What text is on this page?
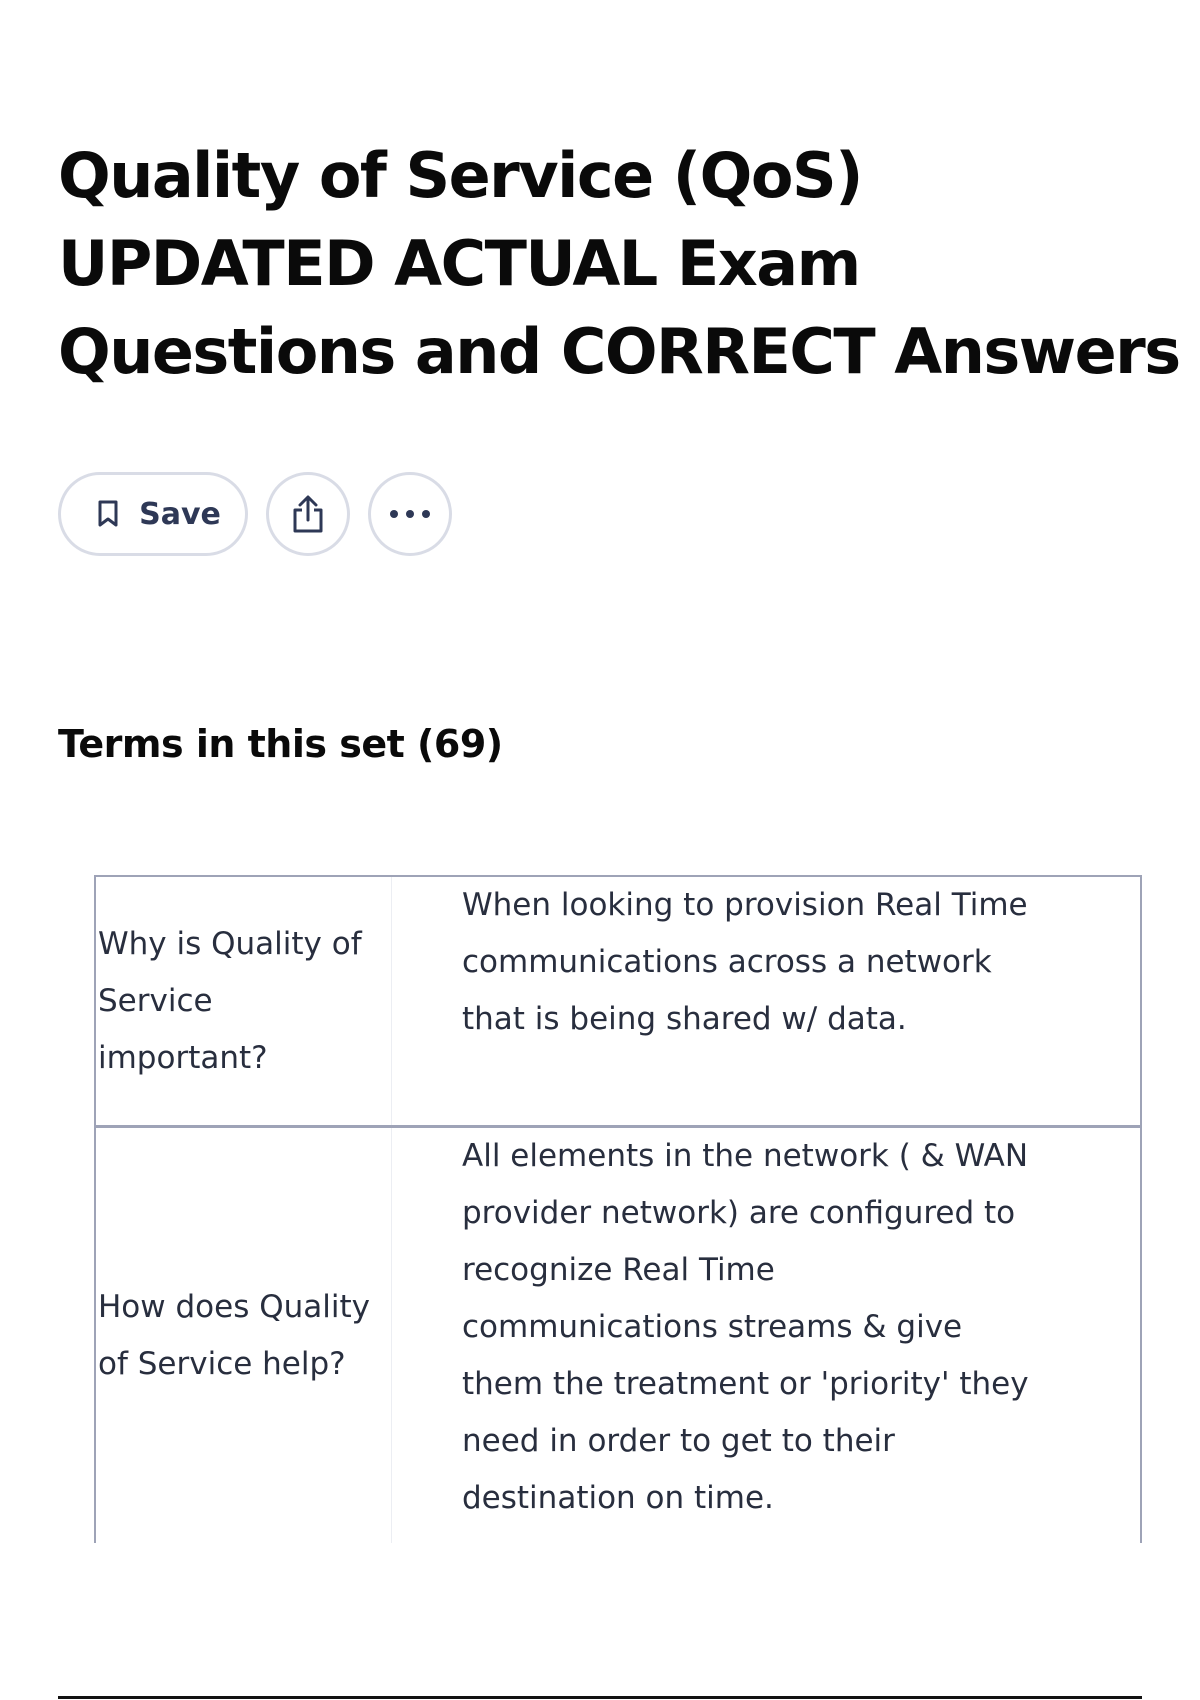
Quality of Service (QoS)
UPDATED ACTUAL Exam
Questions and CORRECT Answers
Save
Terms in this set (69)
Why is Quality of Service important?
When looking to provision Real Time communications across a network that is being shared w/ data.
How does Quality of Service help?
All elements in the network ( & WAN provider network) are configured to recognize Real Time communications streams & give them the treatment or 'priority' they need in order to get to their destination on time.
